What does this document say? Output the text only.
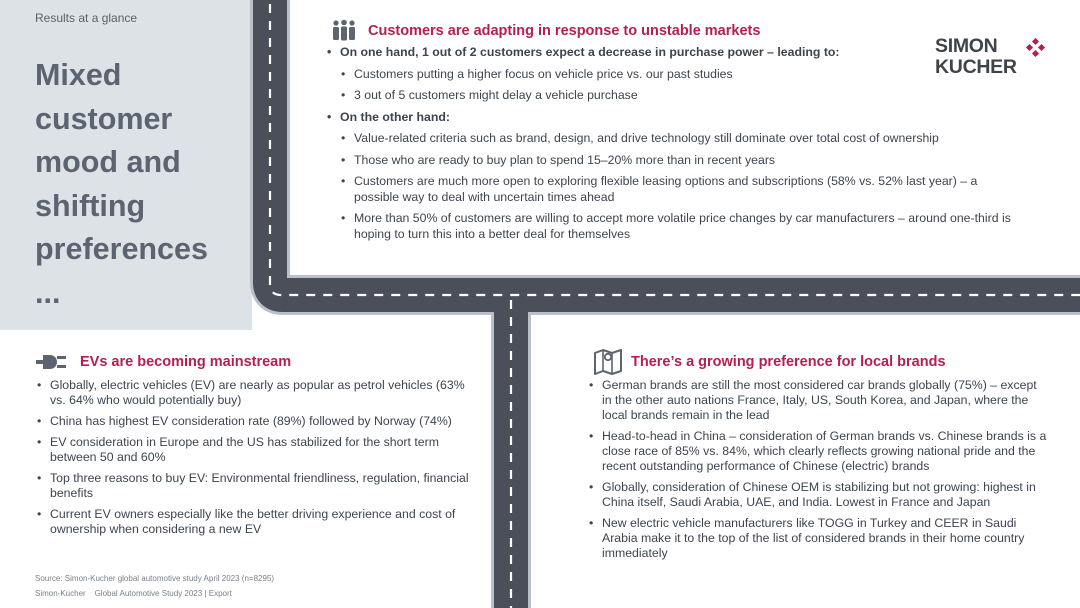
Results at a glance
Mixed
customer
mood and
shifting
preferences
...
SIMON
KUCHER
Customers are adapting in response to unstable markets
• On one hand, 1 out of 2 customers expect a decrease in purchase power – leading to:
• Customers putting a higher focus on vehicle price vs. our past studies
• 3 out of 5 customers might delay a vehicle purchase
• On the other hand:
• Value-related criteria such as brand, design, and drive technology still dominate over total cost of ownership
• Those who are ready to buy plan to spend 15–20% more than in recent years
• Customers are much more open to exploring flexible leasing options and subscriptions (58% vs. 52% last year) – a possible way to deal with uncertain times ahead
• More than 50% of customers are willing to accept more volatile price changes by car manufacturers – around one-third is hoping to turn this into a better deal for themselves
EVs are becoming mainstream
• Globally, electric vehicles (EV) are nearly as popular as petrol vehicles (63% vs. 64% who would potentially buy)
• China has highest EV consideration rate (89%) followed by Norway (74%)
• EV consideration in Europe and the US has stabilized for the short term between 50 and 60%
• Top three reasons to buy EV: Environmental friendliness, regulation, financial benefits
• Current EV owners especially like the better driving experience and cost of ownership when considering a new EV
There’s a growing preference for local brands
• German brands are still the most considered car brands globally (75%) – except in the other auto nations France, Italy, US, South Korea, and Japan, where the local brands remain in the lead
• Head-to-head in China – consideration of German brands vs. Chinese brands is a close race of 85% vs. 84%, which clearly reflects growing national pride and the recent outstanding performance of Chinese (electric) brands
• Globally, consideration of Chinese OEM is stabilizing but not growing: highest in China itself, Saudi Arabia, UAE, and India. Lowest in France and Japan
• New electric vehicle manufacturers like TOGG in Turkey and CEER in Saudi Arabia make it to the top of the list of considered brands in their home country immediately
Source: Simon-Kucher global automotive study April 2023 (n=8295)
Simon-Kucher    Global Automotive Study 2023 | Export
